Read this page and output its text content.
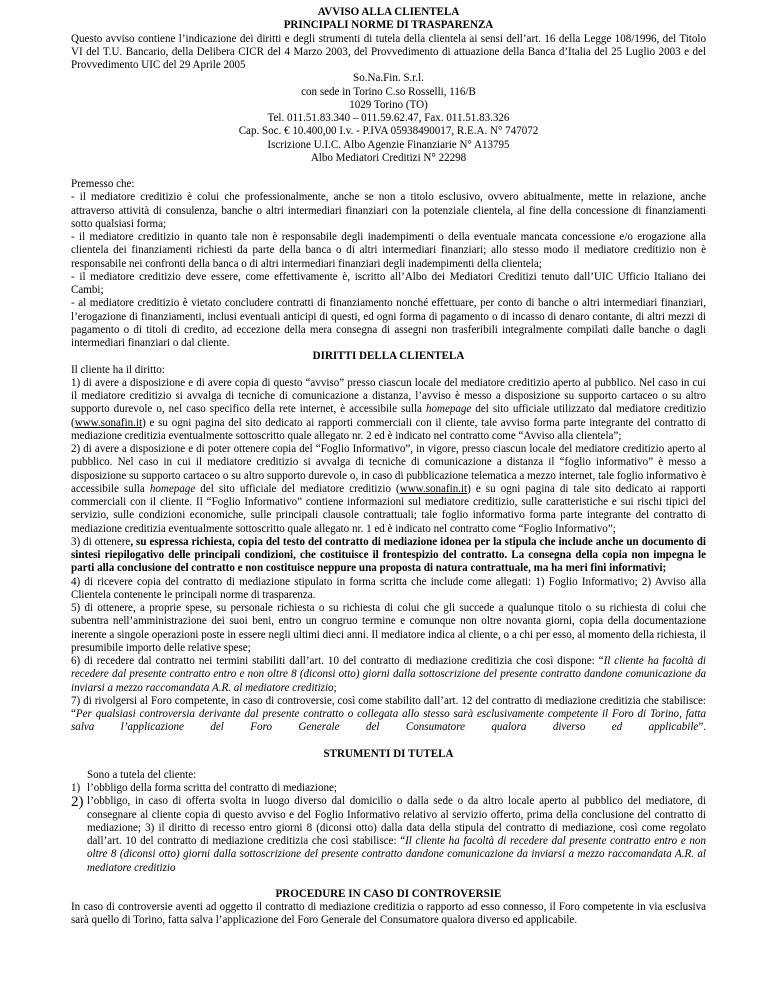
AVVISO ALLA CLIENTELA

PRINCIPALI NORME DI TRASPARENZA

Questo avviso contiene l’indicazione dei diritti e degli strumenti di tutela della clientela ai sensi dell’art. 16 della Legge 108/1996, del Titolo VI del T.U. Bancario, della Delibera CICR del 4 Marzo 2003, del Provvedimento di attuazione della Banca d’Italia del 25 Luglio 2003 e del Provvedimento UIC del 29 Aprile 2005

So.Na.Fin. S.r.l.

con sede in Torino C.so Rosselli, 116/B

1029 Torino (TO)

Tel. 011.51.83.340 – 011.59.62.47, Fax. 011.51.83.326

Cap. Soc. € 10.400,00 I.v. - P.IVA 05938490017, R.E.A. N° 747072

Iscrizione U.I.C. Albo Agenzie Finanziarie N° A13795

Albo Mediatori Creditizi N° 22298

Premesso che:

- il mediatore creditizio è colui che professionalmente, anche se non a titolo esclusivo, ovvero abitualmente, mette in relazione, anche attraverso attività di consulenza, banche o altri intermediari finanziari con la potenziale clientela, al fine della concessione di finanziamenti sotto qualsiasi forma;

- il mediatore creditizio in quanto tale non è responsabile degli inadempimenti o della eventuale mancata concessione e/o erogazione alla clientela dei finanziamenti richiesti da parte della banca o di altri intermediari finanziari; allo stesso modo il mediatore creditizio non è responsabile nei confronti della banca o di altri intermediari finanziari degli inadempimenti della clientela;

- il mediatore creditizio deve essere, come effettivamente è, iscritto all’Albo dei Mediatori Creditizi tenuto dall’UIC Ufficio Italiano dei Cambi;

- al mediatore creditizio è vietato concludere contratti di finanziamento nonché effettuare, per conto di banche o altri intermediari finanziari, l’erogazione di finanziamenti, inclusi eventuali anticipi di questi, ed ogni forma di pagamento o di incasso di denaro contante, di altri mezzi di pagamento o di titoli di credito, ad eccezione della mera consegna di assegni non trasferibili integralmente compilati dalle banche o dagli intermediari finanziari o dal cliente.

DIRITTI DELLA CLIENTELA

Il cliente ha il diritto:

1) di avere a disposizione e di avere copia di questo “avviso” presso ciascun locale del mediatore creditizio aperto al pubblico. Nel caso in cui il mediatore creditizio si avvalga di tecniche di comunicazione a distanza, l’avviso è messo a disposizione su supporto cartaceo o su altro supporto durevole o, nel caso specifico della rete internet, è accessibile sulla homepage del sito ufficiale utilizzato dal mediatore creditizio (www.sonafin.it) e su ogni pagina del sito dedicato ai rapporti commerciali con il cliente, tale avviso forma parte integrante del contratto di mediazione creditizia eventualmente sottoscritto quale allegato nr. 2 ed è indicato nel contratto come “Avviso alla clientela”;

2) di avere a disposizione e di poter ottenere copia del “Foglio Informativo”, in vigore, presso ciascun locale del mediatore creditizio aperto al pubblico. Nel caso in cui il mediatore creditizio si avvalga di tecniche di comunicazione a distanza il “foglio informativo” è messo a disposizione su supporto cartaceo o su altro supporto durevole o, in caso di pubblicazione telematica a mezzo internet, tale foglio informativo è accessibile sulla homepage del sito ufficiale del mediatore creditizio (www.sonafin.it) e su ogni pagina di tale sito dedicato ai rapporti commerciali con il cliente. Il “Foglio Informativo” contiene informazioni sul mediatore creditizio, sulle caratteristiche e sui rischi tipici del servizio, sulle condizioni economiche, sulle principali clausole contrattuali; tale foglio informativo forma parte integrante del contratto di mediazione creditizia eventualmente sottoscritto quale allegato nr. 1 ed è indicato nel contratto come “Foglio Informativo”;

3) di ottenere, su espressa richiesta, copia del testo del contratto di mediazione idonea per la stipula che include anche un documento di sintesi riepilogativo delle principali condizioni, che costituisce il frontespizio del contratto. La consegna della copia non impegna le parti alla conclusione del contratto e non costituisce neppure una proposta di natura contrattuale, ma ha meri fini informativi;

4) di ricevere copia del contratto di mediazione stipulato in forma scritta che include come allegati: 1) Foglio Informativo; 2) Avviso alla Clientela contenente le principali norme di trasparenza.

5) di ottenere, a proprie spese, su personale richiesta o su richiesta di colui che gli succede a qualunque titolo o su richiesta di colui che subentra nell’amministrazione dei suoi beni, entro un congruo termine e comunque non oltre novanta giorni, copia della documentazione inerente a singole operazioni poste in essere negli ultimi dieci anni. Il mediatore indica al cliente, o a chi per esso, al momento della richiesta, il presumibile importo delle relative spese;

6) di recedere dal contratto nei termini stabiliti dall’art. 10 del contratto di mediazione creditizia che così dispone: “Il cliente ha facoltà di recedere dal presente contratto entro e non oltre 8 (diconsi otto) giorni dalla sottoscrizione del presente contratto dandone comunicazione da inviarsi a mezzo raccomandata A.R. al mediatore creditizio;

7) di rivolgersi al Foro competente, in caso di controversie, così come stabilito dall’art. 12 del contratto di mediazione creditizia che stabilisce: “Per qualsiasi controversia derivante dal presente contratto o collegata allo stesso sarà esclusivamente competente il Foro di Torino, fatta salva l’applicazione del Foro Generale del Consumatore qualora diverso ed applicabile”.

STRUMENTI DI TUTELA

Sono a tutela del cliente:

1) l’obbligo della forma scritta del contratto di mediazione;
2) l’obbligo, in caso di offerta svolta in luogo diverso dal domicilio o dalla sede o da altro locale aperto al pubblico del mediatore, di consegnare al cliente copia di questo avviso e del Foglio Informativo relativo al servizio offerto, prima della conclusione del contratto di mediazione; 3) il diritto di recesso entro giorni 8 (diconsi otto) dalla data della stipula del contratto di mediazione, così come regolato dall’art. 10 del contratto di mediazione creditizia che così stabilisce: “Il cliente ha facoltà di recedere dal presente contratto entro e non oltre 8 (diconsi otto) giorni dalla sottoscrizione del presente contratto dandone comunicazione da inviarsi a mezzo raccomandata A.R. al mediatore creditizio

PROCEDURE IN CASO DI CONTROVERSIE

In caso di controversie aventi ad oggetto il contratto di mediazione creditizia o rapporto ad esso connesso, il Foro competente in via esclusiva sarà quello di Torino, fatta salva l’applicazione del Foro Generale del Consumatore qualora diverso ed applicabile.
